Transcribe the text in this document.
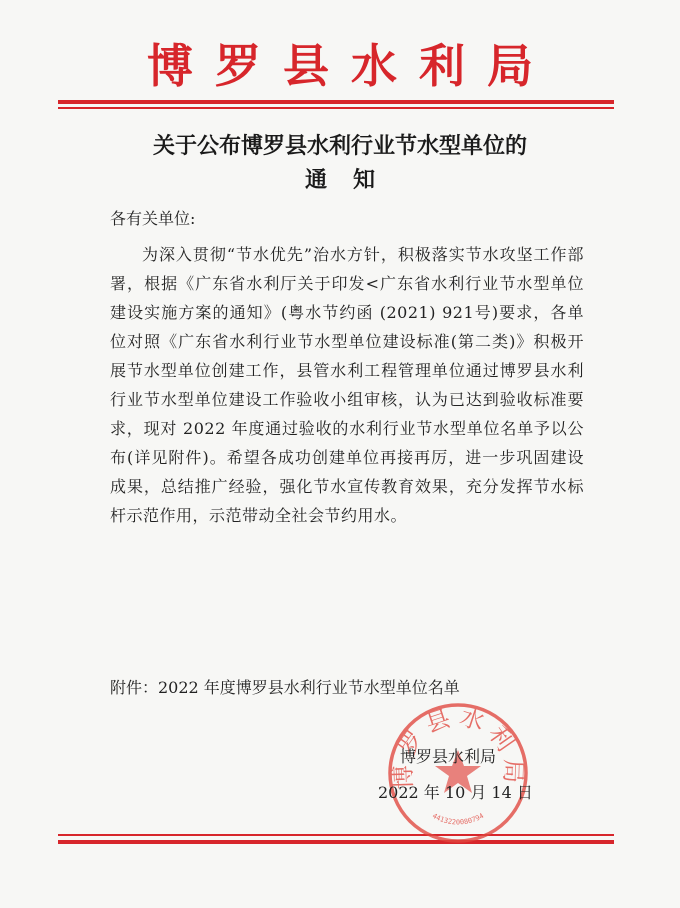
博罗县水利局
关于公布博罗县水利行业节水型单位的
通知
各有关单位:

为深入贯彻“节水优先”治水方针，积极落实节水攻坚工作部署，根据《广东省水利厅关于印发<广东省水利行业节水型单位建设实施方案的通知》(粤水节约函 (2021) 921号)要求，各单位对照《广东省水利行业节水型单位建设标准(第二类)》积极开展节水型单位创建工作，县管水利工程管理单位通过博罗县水利行业节水型单位建设工作验收小组审核，认为已达到验收标准要求，现对 2022 年度通过验收的水利行业节水型单位名单予以公布(详见附件)。希望各成功创建单位再接再厉，进一步巩固建设成果，总结推广经验，强化节水宣传教育效果，充分发挥节水标杆示范作用，示范带动全社会节约用水。

附件：2022 年度博罗县水利行业节水型单位名单
博罗县水利局
4413220080794
博罗县水利局
2022 年 10 月 14 日
